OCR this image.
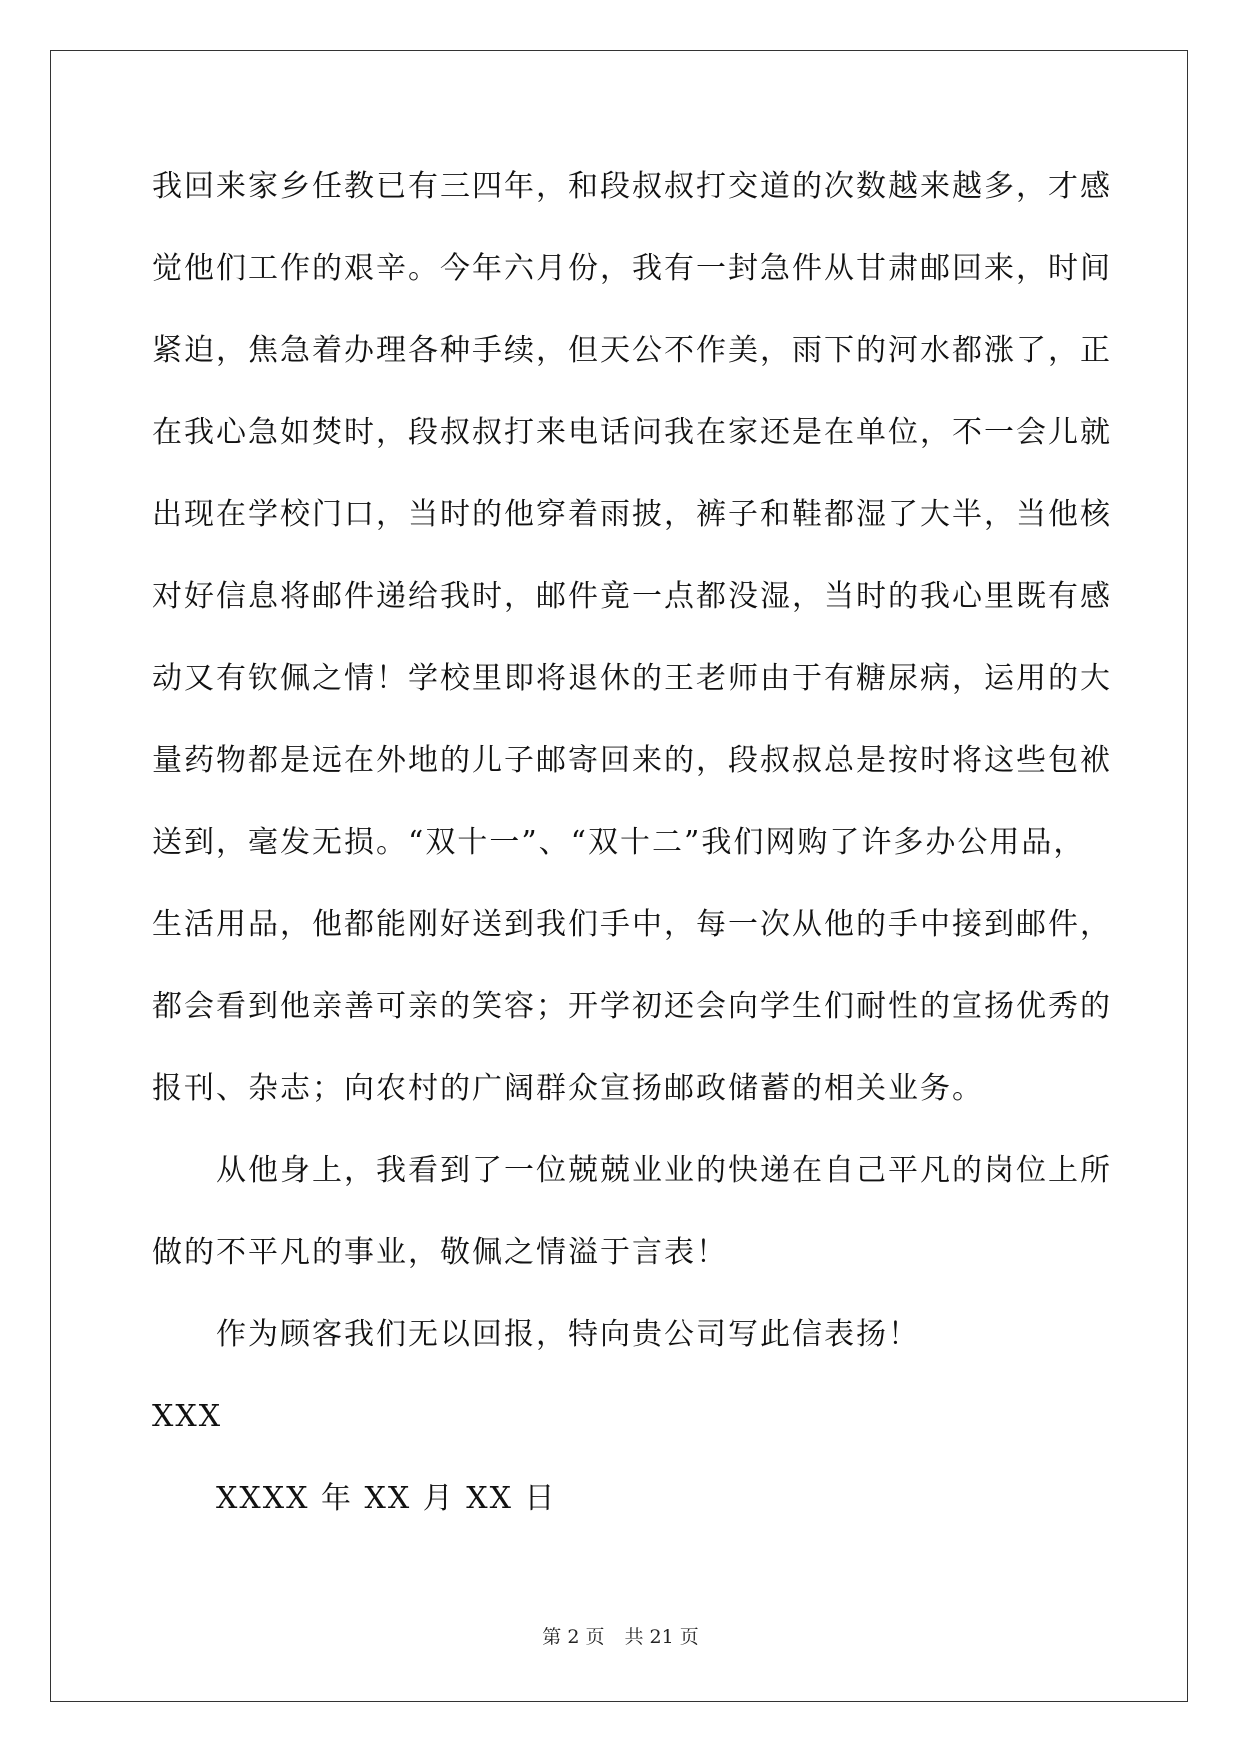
我回来家乡任教已有三四年，和段叔叔打交道的次数越来越多，才感
觉他们工作的艰辛。今年六月份，我有一封急件从甘肃邮回来，时间
紧迫，焦急着办理各种手续，但天公不作美，雨下的河水都涨了，正
在我心急如焚时，段叔叔打来电话问我在家还是在单位，不一会儿就
出现在学校门口，当时的他穿着雨披，裤子和鞋都湿了大半，当他核
对好信息将邮件递给我时，邮件竟一点都没湿，当时的我心里既有感
动又有钦佩之情！学校里即将退休的王老师由于有糖尿病，运用的大
量药物都是远在外地的儿子邮寄回来的，段叔叔总是按时将这些包袱
送到，毫发无损。“双十一”、“双十二”我们网购了许多办公用品，
生活用品，他都能刚好送到我们手中，每一次从他的手中接到邮件，
都会看到他亲善可亲的笑容；开学初还会向学生们耐性的宣扬优秀的
报刊、杂志；向农村的广阔群众宣扬邮政储蓄的相关业务。
从他身上，我看到了一位兢兢业业的快递在自己平凡的岗位上所
做的不平凡的事业，敬佩之情溢于言表！
作为顾客我们无以回报，特向贵公司写此信表扬！
XXX
XXXX 年 XX 月 XX 日
第 2 页 共 21 页
